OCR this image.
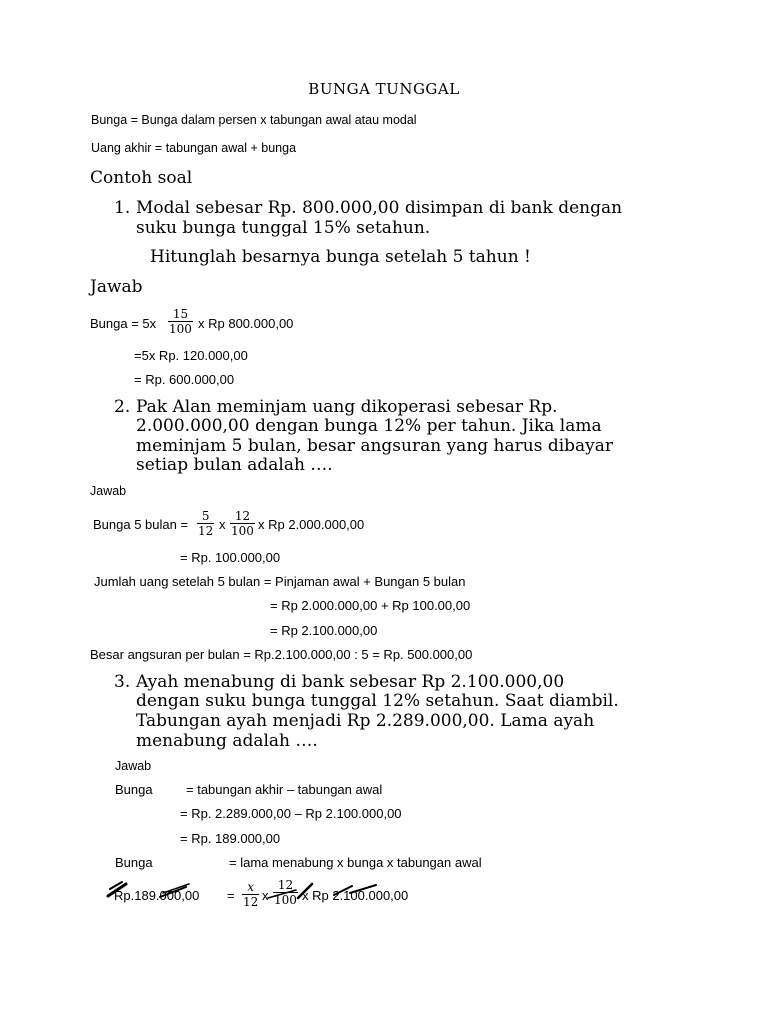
BUNGA TUNGGAL
Bunga = Bunga dalam persen x tabungan awal atau modal
Uang akhir = tabungan awal + bunga
Contoh soal
1. Modal sebesar Rp. 800.000,00 disimpan di bank dengan
suku bunga tunggal 15% setahun.
Hitunglah besarnya bunga setelah 5 tahun !
Jawab
Bunga = 5x
15
100 x Rp 800.000,00
=5x Rp. 120.000,00
= Rp. 600.000,00
2. Pak Alan meminjam uang dikoperasi sebesar Rp.
2.000.000,00 dengan bunga 12% per tahun. Jika lama
meminjam 5 bulan, besar angsuran yang harus dibayar
setiap bulan adalah ….
Jawab
Bunga 5 bulan =
5
12 x
12
100 x Rp 2.000.000,00
= Rp. 100.000,00
Jumlah uang setelah 5 bulan = Pinjaman awal + Bungan 5 bulan
= Rp 2.000.000,00 + Rp 100.00,00
= Rp 2.100.000,00
Besar angsuran per bulan = Rp.2.100.000,00 : 5 = Rp. 500.000,00
3. Ayah menabung di bank sebesar Rp 2.100.000,00
dengan suku bunga tunggal 12% setahun. Saat diambil.
Tabungan ayah menjadi Rp 2.289.000,00. Lama ayah
menabung adalah ….
Jawab
Bunga	= tabungan akhir – tabungan awal
= Rp. 2.289.000,00 – Rp 2.100.000,00
= Rp. 189.000,00
Bunga	= lama menabung x bunga x tabungan awal
Rp.189.000,00 =
x
12 x
12
100 x Rp 2.100.000,00
